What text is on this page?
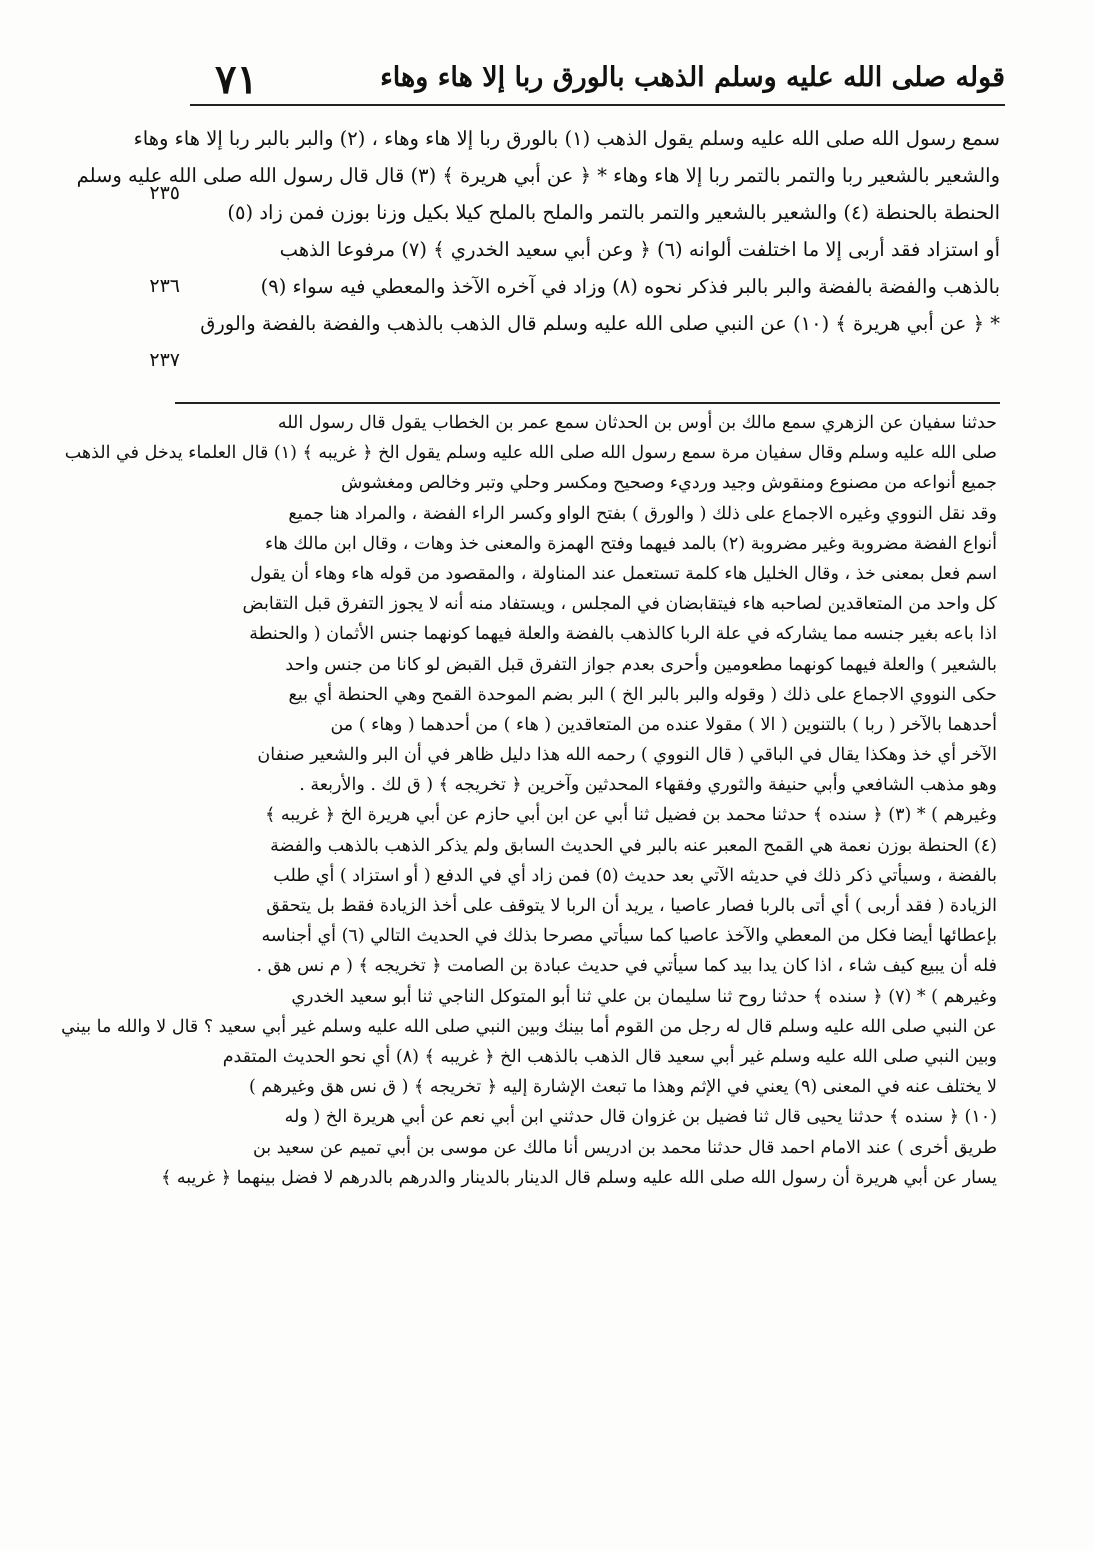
قوله صلى الله عليه وسلم الذهب بالورق ربا إلا هاء وهاء
٧١
٢٣٥
٢٣٦
٢٣٧
سمع رسول الله صلى الله عليه وسلم يقول الذهب (١) بالورق ربا إلا هاء وهاء ، (٢) والبر بالبر ربا إلا هاء وهاء
والشعير بالشعير ربا والتمر بالتمر ربا إلا هاء وهاء * ﴿ عن أبي هريرة ﴾ (٣) قال قال رسول الله صلى الله عليه وسلم
الحنطة بالحنطة (٤) والشعير بالشعير والتمر بالتمر والملح بالملح كيلا بكيل وزنا بوزن فمن زاد (٥)
أو استزاد فقد أربى إلا ما اختلفت ألوانه (٦) ﴿ وعن أبي سعيد الخدري ﴾ (٧) مرفوعا الذهب
بالذهب والفضة بالفضة والبر بالبر فذكر نحوه (٨) وزاد في آخره الآخذ والمعطي فيه سواء (٩)
* ﴿ عن أبي هريرة ﴾ (١٠) عن النبي صلى الله عليه وسلم قال الذهب بالذهب والفضة بالفضة والورق
حدثنا سفيان عن الزهري سمع مالك بن أوس بن الحدثان سمع عمر بن الخطاب يقول قال رسول الله
صلى الله عليه وسلم وقال سفيان مرة سمع رسول الله صلى الله عليه وسلم يقول الخ ﴿ غريبه ﴾ (١) قال العلماء يدخل في الذهب
جميع أنواعه من مصنوع ومنقوش وجيد ورديء وصحيح ومكسر وحلي وتبر وخالص ومغشوش
وقد نقل النووي وغيره الاجماع على ذلك ( والورق ) بفتح الواو وكسر الراء الفضة ، والمراد هنا جميع
أنواع الفضة مضروبة وغير مضروبة (٢) بالمد فيهما وفتح الهمزة والمعنى خذ وهات ، وقال ابن مالك هاء
اسم فعل بمعنى خذ ، وقال الخليل هاء كلمة تستعمل عند المناولة ، والمقصود من قوله هاء وهاء أن يقول
كل واحد من المتعاقدين لصاحبه هاء فيتقابضان في المجلس ، ويستفاد منه أنه لا يجوز التفرق قبل التقابض
اذا باعه بغير جنسه مما يشاركه في علة الربا كالذهب بالفضة والعلة فيهما كونهما جنس الأثمان ( والحنطة
بالشعير ) والعلة فيهما كونهما مطعومين وأحرى بعدم جواز التفرق قبل القبض لو كانا من جنس واحد
حكى النووي الاجماع على ذلك ( وقوله والبر بالبر الخ ) البر بضم الموحدة القمح وهي الحنطة أي بيع
أحدهما بالآخر ( ربا ) بالتنوين ( الا ) مقولا عنده من المتعاقدين ( هاء ) من أحدهما ( وهاء ) من
الآخر أي خذ وهكذا يقال في الباقي ( قال النووي ) رحمه الله هذا دليل ظاهر في أن البر والشعير صنفان
وهو مذهب الشافعي وأبي حنيفة والثوري وفقهاء المحدثين وآخرين ﴿ تخريجه ﴾ ( ق لك . والأربعة .
وغيرهم ) * (٣) ﴿ سنده ﴾ حدثنا محمد بن فضيل ثنا أبي عن ابن أبي حازم عن أبي هريرة الخ ﴿ غريبه ﴾
(٤) الحنطة بوزن نعمة هي القمح المعبر عنه بالبر في الحديث السابق ولم يذكر الذهب بالذهب والفضة
بالفضة ، وسيأتي ذكر ذلك في حديثه الآتي بعد حديث (٥) فمن زاد أي في الدفع ( أو استزاد ) أي طلب
الزيادة ( فقد أربى ) أي أتى بالربا فصار عاصيا ، يريد أن الربا لا يتوقف على أخذ الزيادة فقط بل يتحقق
بإعطائها أيضا فكل من المعطي والآخذ عاصيا كما سيأتي مصرحا بذلك في الحديث التالي (٦) أي أجناسه
فله أن يبيع كيف شاء ، اذا كان يدا بيد كما سيأتي في حديث عبادة بن الصامت ﴿ تخريجه ﴾ ( م نس هق .
وغيرهم ) * (٧) ﴿ سنده ﴾ حدثنا روح ثنا سليمان بن علي ثنا أبو المتوكل الناجي ثنا أبو سعيد الخدري
عن النبي صلى الله عليه وسلم قال له رجل من القوم أما بينك وبين النبي صلى الله عليه وسلم غير أبي سعيد ؟ قال لا والله ما بيني
وبين النبي صلى الله عليه وسلم غير أبي سعيد قال الذهب بالذهب الخ ﴿ غريبه ﴾ (٨) أي نحو الحديث المتقدم
لا يختلف عنه في المعنى (٩) يعني في الإثم وهذا ما تبعث الإشارة إليه ﴿ تخريجه ﴾ ( ق نس هق وغيرهم )
(١٠) ﴿ سنده ﴾ حدثنا يحيى قال ثنا فضيل بن غزوان قال حدثني ابن أبي نعم عن أبي هريرة الخ ( وله
طريق أخرى ) عند الامام احمد قال حدثنا محمد بن ادريس أنا مالك عن موسى بن أبي تميم عن سعيد بن
يسار عن أبي هريرة أن رسول الله صلى الله عليه وسلم قال الدينار بالدينار والدرهم بالدرهم لا فضل بينهما ﴿ غريبه ﴾
